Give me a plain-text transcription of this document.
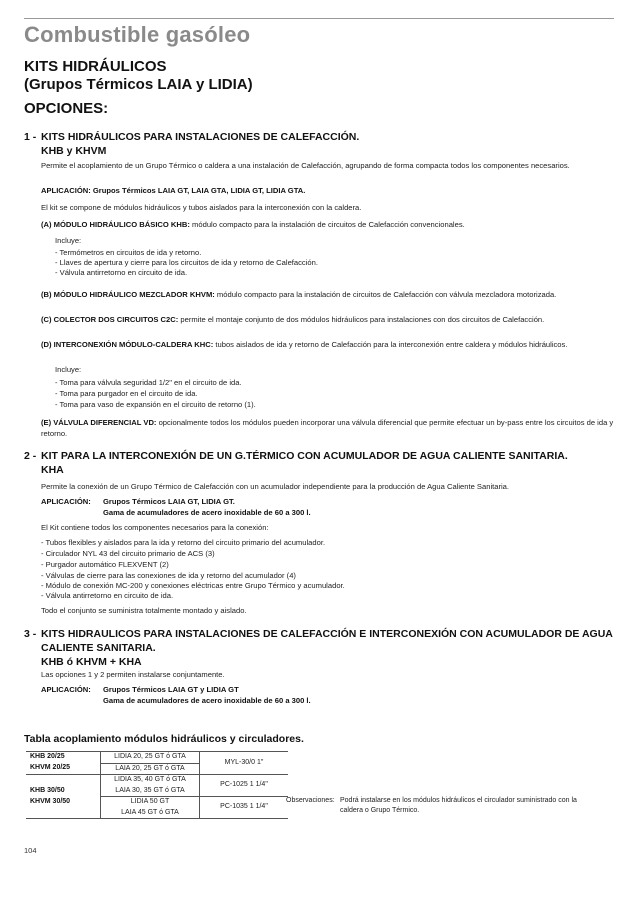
Combustible gasóleo
KITS HIDRÁULICOS
(Grupos Térmicos LAIA y LIDIA)
OPCIONES:
1 - KITS HIDRÁULICOS PARA INSTALACIONES DE CALEFACCIÓN.
KHB y KHVM
Permite el acoplamiento de un Grupo Térmico o caldera a una instalación de Calefacción, agrupando de forma compacta todos los componentes necesarios.
APLICACIÓN: Grupos Térmicos LAIA GT, LAIA GTA, LIDIA GT, LIDIA GTA.
El kit se compone de módulos hidráulicos y tubos aislados para la interconexión con la caldera.
(A) MÓDULO HIDRÁULICO BÁSICO KHB: módulo compacto para la instalación de circuitos de Calefacción convencionales.
Incluye:
- Termómetros en circuitos de ida y retorno.
- Llaves de apertura y cierre para los circuitos de ida y retorno de Calefacción.
- Válvula antirretorno en circuito de ida.
(B) MÓDULO HIDRÁULICO MEZCLADOR KHVM: módulo compacto para la instalación de circuitos de Calefacción con válvula mezcladora motorizada.
(C) COLECTOR DOS CIRCUITOS C2C: permite el montaje conjunto de dos módulos hidráulicos para instalaciones con dos circuitos de Calefacción.
(D) INTERCONEXIÓN MÓDULO-CALDERA KHC: tubos aislados de ida y retorno de Calefacción para la interconexión entre caldera y módulos hidráulicos.
Incluye:
- Toma para válvula seguridad 1/2" en el circuito de ida.
- Toma para purgador en el circuito de ida.
- Toma para vaso de expansión en el circuito de retorno (1).
(E) VÁLVULA DIFERENCIAL VD: opcionalmente todos los módulos pueden incorporar una válvula diferencial que permite efectuar un by-pass entre los circuitos de ida y retorno.
2 - KIT PARA LA INTERCONEXIÓN DE UN G.TÉRMICO CON ACUMULADOR DE AGUA CALIENTE SANITARIA.
KHA
Permite la conexión de un Grupo Térmico de Calefacción con un acumulador independiente para la producción de Agua Caliente Sanitaria.
APLICACIÓN: Grupos Térmicos LAIA GT, LIDIA GT.
Gama de acumuladores de acero inoxidable de 60 a 300 l.
El Kit contiene todos los componentes necesarios para la conexión:
- Tubos flexibles y aislados para la ida y retorno del circuito primario del acumulador.
- Circulador NYL 43 del circuito primario de ACS (3)
- Purgador automático FLEXVENT (2)
- Válvulas de cierre para las conexiones de ida y retorno del acumulador (4)
- Módulo de conexión MC-200 y conexiones eléctricas entre Grupo Térmico y acumulador.
- Válvula antirretorno en circuito de ida.
Todo el conjunto se suministra totalmente montado y aislado.
3 - KITS HIDRAULICOS PARA INSTALACIONES DE CALEFACCIÓN E INTERCONEXIÓN CON ACUMULADOR DE AGUA CALIENTE SANITARIA.
KHB ó KHVM + KHA
Las opciones 1 y 2 permiten instalarse conjuntamente.
APLICACIÓN: Grupos Térmicos LAIA GT y LIDIA GT
Gama de acumuladores de acero inoxidable de 60 a 300 l.
Tabla acoplamiento módulos hidráulicos y circuladores.
KHB 20/25	LIDIA 20, 25 GT ó GTA	MYL-30/0 1"
KHVM 20/25	LAIA 20, 25 GT ó GTA	
	LIDIA 35, 40 GT ó GTA	PC-1025 1 1/4"
KHB 30/50	LAIA 30, 35 GT ó GTA	
KHVM 30/50	LIDIA 50 GT	PC-1035 1 1/4"
	LAIA 45 GT ó GTA	
Observaciones: Podrá instalarse en los módulos hidráulicos el circulador suministrado con la caldera o Grupo Térmico.
104
